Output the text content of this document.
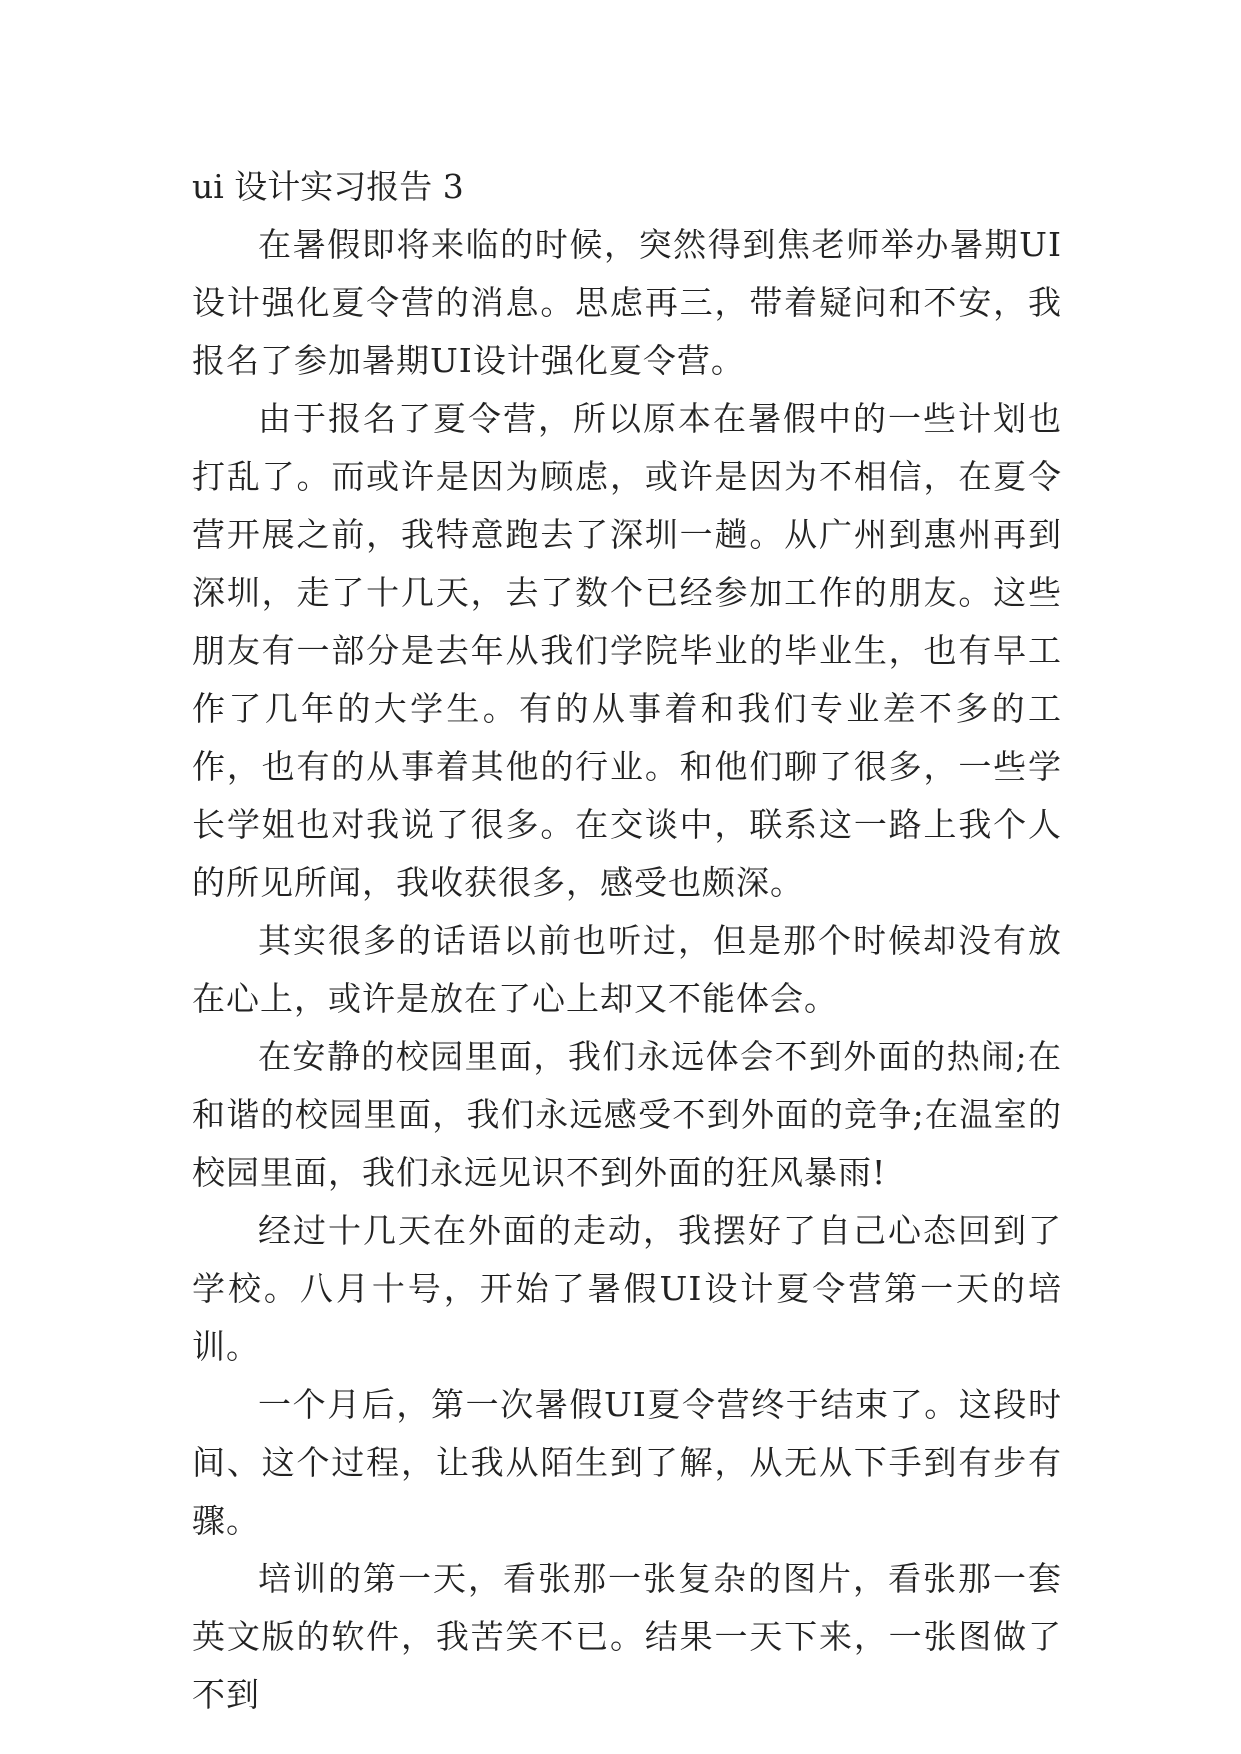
ui 设计实习报告 3

在暑假即将来临的时候，突然得到焦老师举办暑期UI设计强化夏令营的消息。思虑再三，带着疑问和不安，我报名了参加暑期UI设计强化夏令营。

由于报名了夏令营，所以原本在暑假中的一些计划也打乱了。而或许是因为顾虑，或许是因为不相信，在夏令营开展之前，我特意跑去了深圳一趟。从广州到惠州再到深圳，走了十几天，去了数个已经参加工作的朋友。这些朋友有一部分是去年从我们学院毕业的毕业生，也有早工作了几年的大学生。有的从事着和我们专业差不多的工作，也有的从事着其他的行业。和他们聊了很多，一些学长学姐也对我说了很多。在交谈中，联系这一路上我个人的所见所闻，我收获很多，感受也颇深。

其实很多的话语以前也听过，但是那个时候却没有放在心上，或许是放在了心上却又不能体会。

在安静的校园里面，我们永远体会不到外面的热闹;在和谐的校园里面，我们永远感受不到外面的竞争;在温室的校园里面，我们永远见识不到外面的狂风暴雨!

经过十几天在外面的走动，我摆好了自己心态回到了学校。八月十号，开始了暑假UI设计夏令营第一天的培训。

一个月后，第一次暑假UI夏令营终于结束了。这段时间、这个过程，让我从陌生到了解，从无从下手到有步有骤。

培训的第一天，看张那一张复杂的图片，看张那一套英文版的软件，我苦笑不已。结果一天下来，一张图做了不到
